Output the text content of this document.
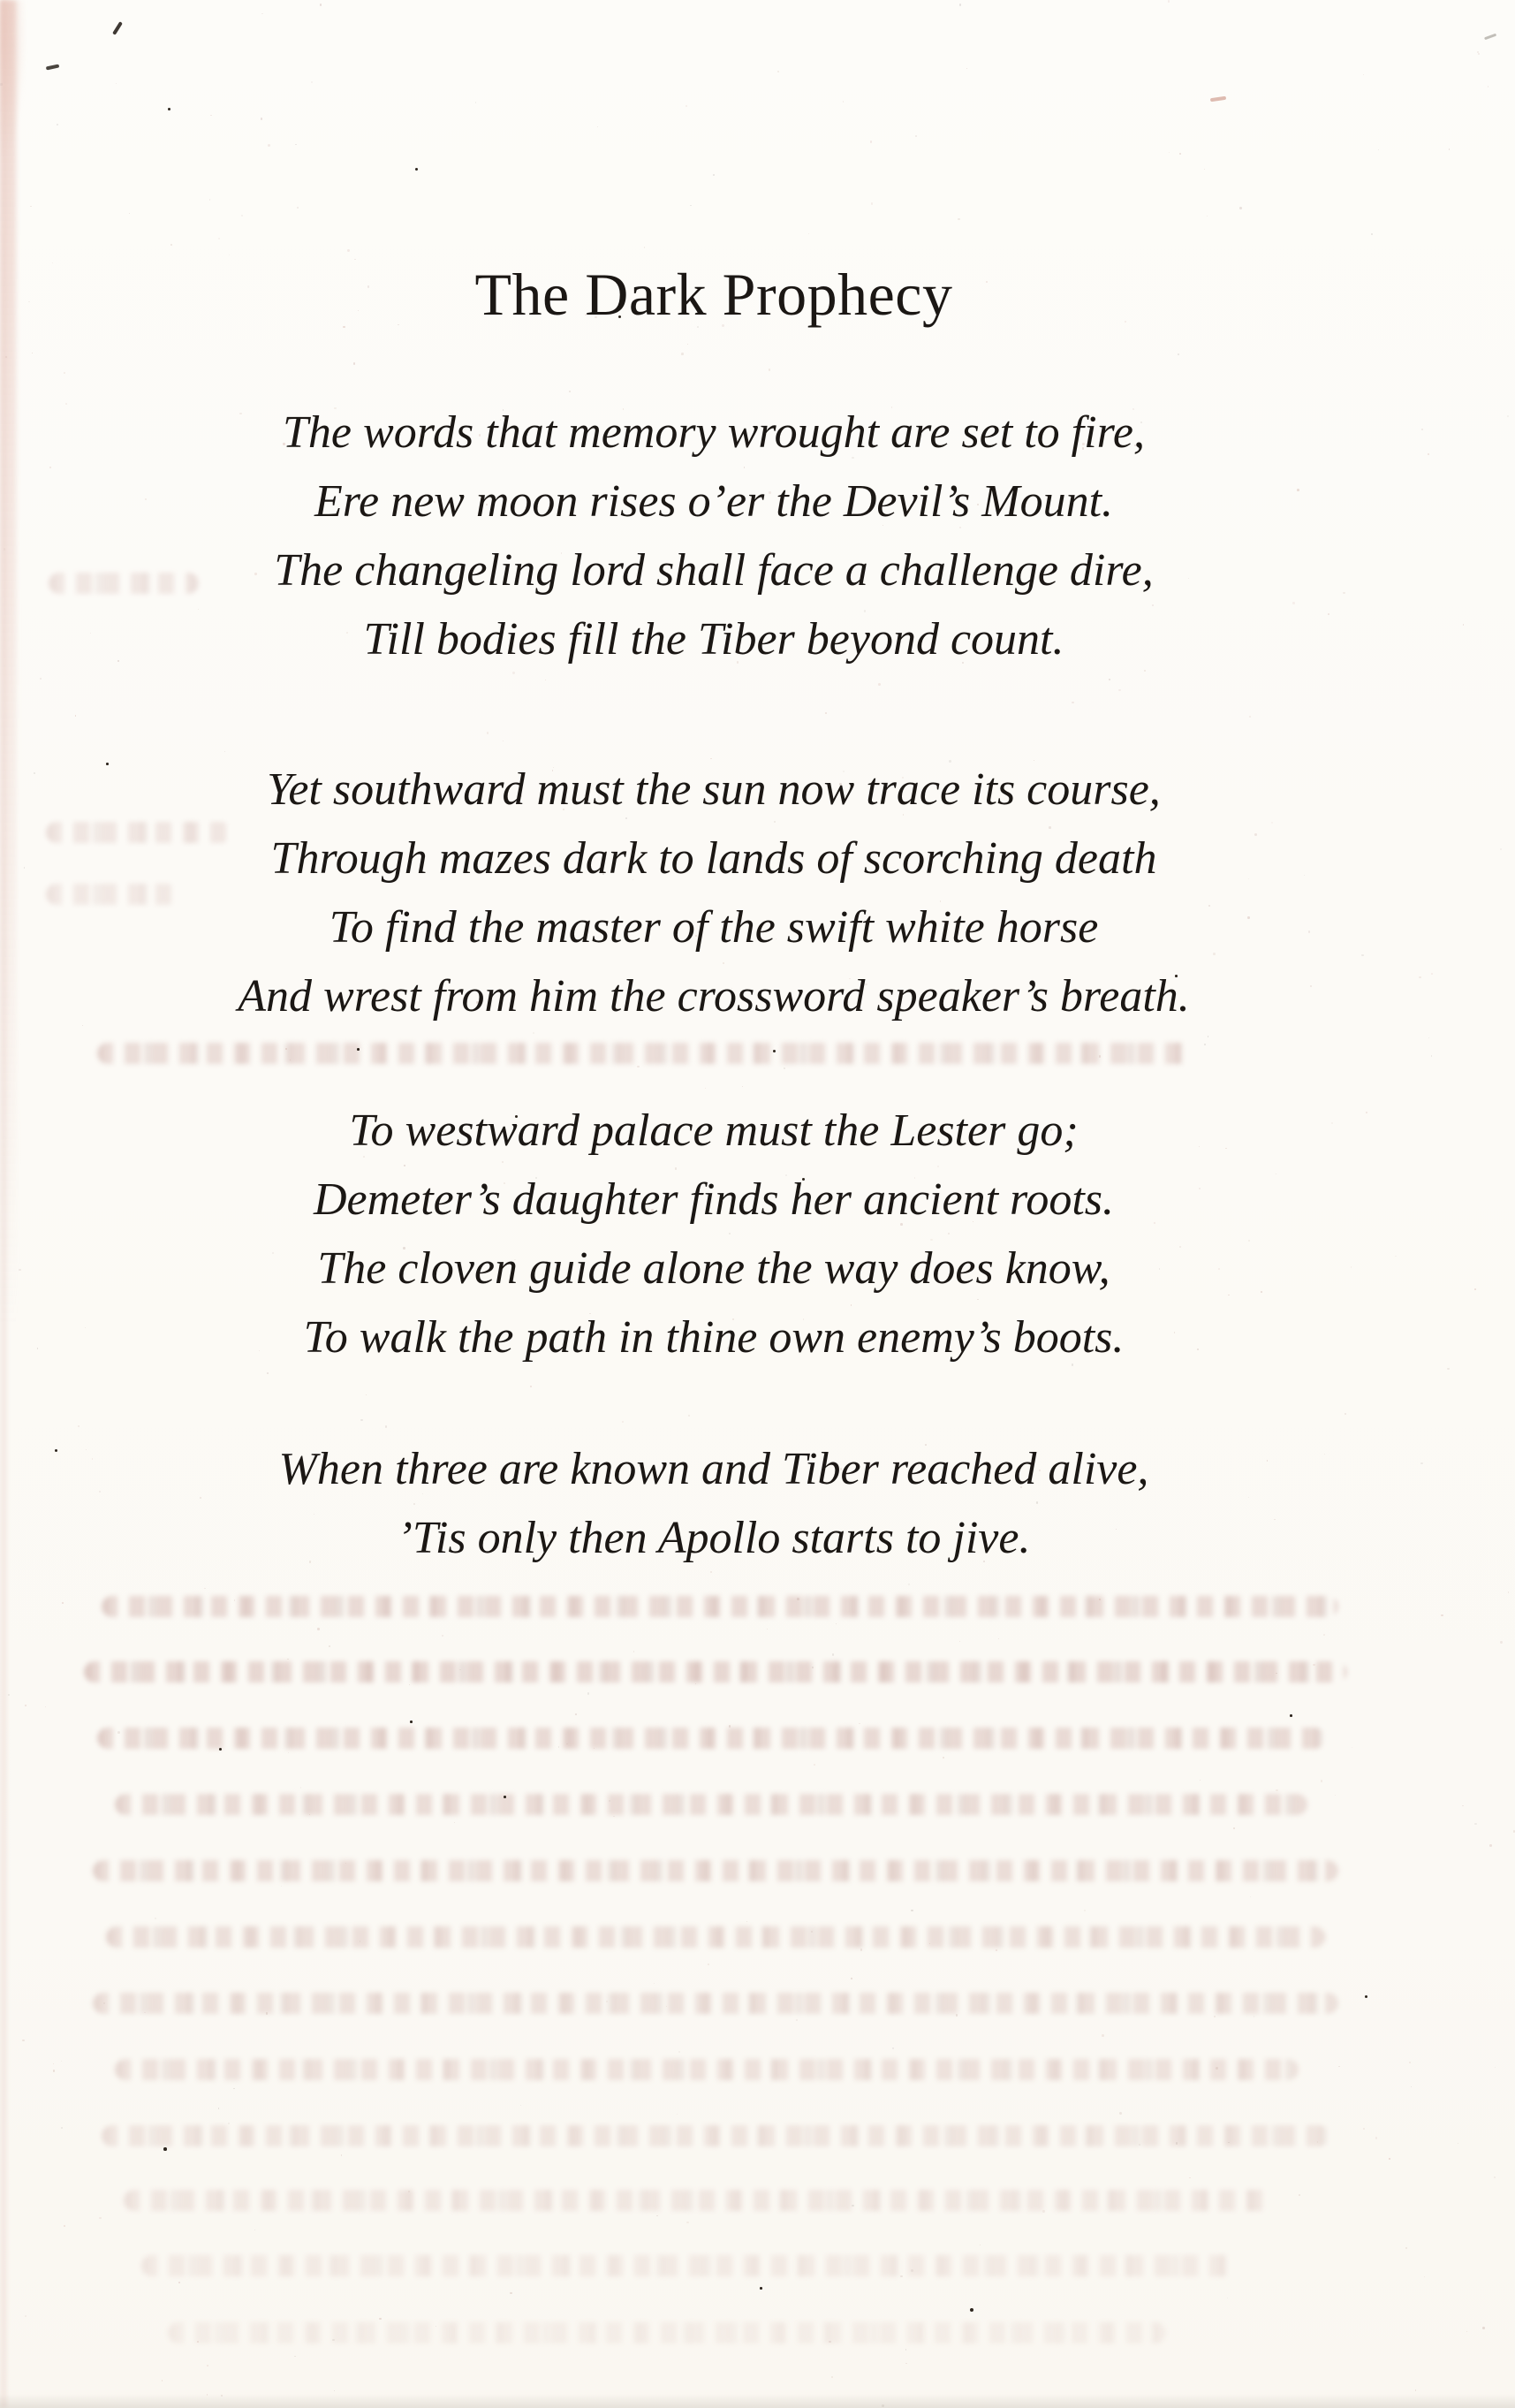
The Dark Prophecy
The words that memory wrought are set to fire,
Ere new moon rises o’er the Devil’s Mount.
The changeling lord shall face a challenge dire,
Till bodies fill the Tiber beyond count.
Yet southward must the sun now trace its course,
Through mazes dark to lands of scorching death
To find the master of the swift white horse
And wrest from him the crossword speaker’s breath.
To westward palace must the Lester go;
Demeter’s daughter finds her ancient roots.
The cloven guide alone the way does know,
To walk the path in thine own enemy’s boots.
When three are known and Tiber reached alive,
’Tis only then Apollo starts to jive.
